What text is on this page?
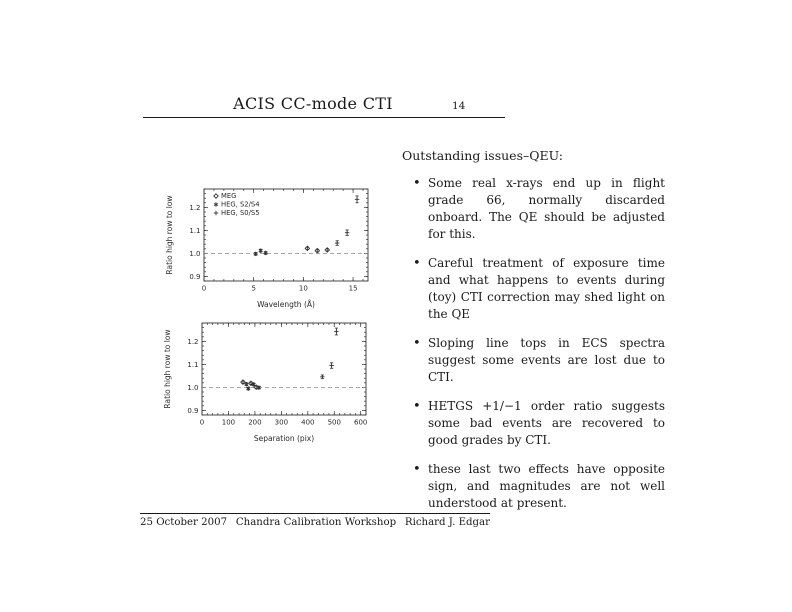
ACIS CC-mode CTI	14
0	5	10	15
0.9
1.0
1.1
1.2
Wavelength (Å)
Ratio high row to low	MEG
HEG, S2/S4
HEG, S0/S5
0	100 200 300 400 500 600
0.9
1.0
1.1
1.2
Separation (pix)
Ratio high row to low
Outstanding issues–QEU:
• Some real x-rays end up in flight grade 66, normally discarded onboard. The QE should be adjusted for this.
• Careful treatment of exposure time and what happens to events during (toy) CTI correction may shed light on the QE
• Sloping line tops in ECS spectra suggest some events are lost due to CTI.
• HETGS +1/−1 order ratio suggests some bad events are recovered to good grades by CTI.
• these last two effects have opposite sign, and magnitudes are not well understood at present.
25 October 2007 Chandra Calibration Workshop Richard J. Edgar
